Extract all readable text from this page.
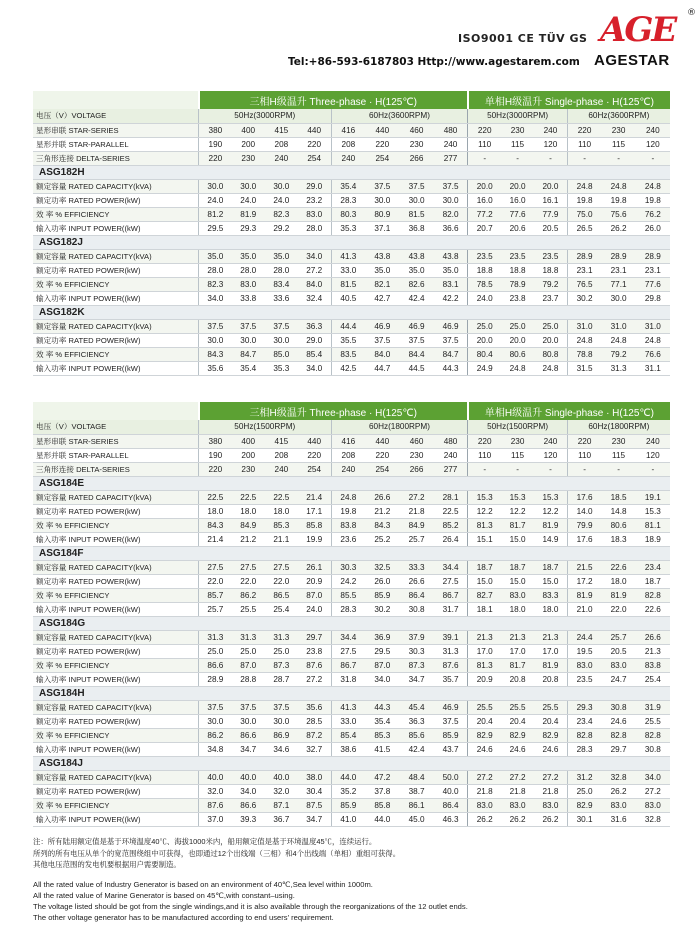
ISO9001 CE TÜV GS AGE
AGESTAR
®
Tel:+86-593-6187803 Http://www.agestarem.com
	三相H级温升 Three-phase · H(125℃)								单相H级温升 Single-phase · H(125℃)					
电压（V）VOLTAGE	50Hz(3000RPM)				60Hz(3600RPM)				50Hz(3000RPM)			60Hz(3600RPM)		
星形串联 STAR-SERIES	380	400	415	440	416	440	460	480	220	230	240	220	230	240
星形并联 STAR-PARALLEL	190	200	208	220	208	220	230	240	110	115	120	110	115	120
三角形连接 DELTA-SERIES	220	230	240	254	240	254	266	277	-	-	-	-	-	-
ASG182H														
额定容量 RATED CAPACITY(kVA)	30.0	30.0	30.0	29.0	35.4	37.5	37.5	37.5	20.0	20.0	20.0	24.8	24.8	24.8
额定功率 RATED POWER(kW)	24.0	24.0	24.0	23.2	28.3	30.0	30.0	30.0	16.0	16.0	16.1	19.8	19.8	19.8
效 率 % EFFICIENCY	81.2	81.9	82.3	83.0	80.3	80.9	81.5	82.0	77.2	77.6	77.9	75.0	75.6	76.2
输入功率 INPUT POWER((kW)	29.5	29.3	29.2	28.0	35.3	37.1	36.8	36.6	20.7	20.6	20.5	26.5	26.2	26.0
ASG182J														
额定容量 RATED CAPACITY(kVA)	35.0	35.0	35.0	34.0	41.3	43.8	43.8	43.8	23.5	23.5	23.5	28.9	28.9	28.9
额定功率 RATED POWER(kW)	28.0	28.0	28.0	27.2	33.0	35.0	35.0	35.0	18.8	18.8	18.8	23.1	23.1	23.1
效 率 % EFFICIENCY	82.3	83.0	83.4	84.0	81.5	82.1	82.6	83.1	78.5	78.9	79.2	76.5	77.1	77.6
输入功率 INPUT POWER((kW)	34.0	33.8	33.6	32.4	40.5	42.7	42.4	42.2	24.0	23.8	23.7	30.2	30.0	29.8
ASG182K														
额定容量 RATED CAPACITY(kVA)	37.5	37.5	37.5	36.3	44.4	46.9	46.9	46.9	25.0	25.0	25.0	31.0	31.0	31.0
额定功率 RATED POWER(kW)	30.0	30.0	30.0	29.0	35.5	37.5	37.5	37.5	20.0	20.0	20.0	24.8	24.8	24.8
效 率 % EFFICIENCY	84.3	84.7	85.0	85.4	83.5	84.0	84.4	84.7	80.4	80.6	80.8	78.8	79.2	76.6
输入功率 INPUT POWER((kW)	35.6	35.4	35.3	34.0	42.5	44.7	44.5	44.3	24.9	24.8	24.8	31.5	31.3	31.1
	三相H级温升 Three-phase · H(125℃)								单相H级温升 Single-phase · H(125℃)					
电压（V）VOLTAGE	50Hz(1500RPM)				60Hz(1800RPM)				50Hz(1500RPM)			60Hz(1800RPM)		
星形串联 STAR-SERIES	380	400	415	440	416	440	460	480	220	230	240	220	230	240
星形并联 STAR-PARALLEL	190	200	208	220	208	220	230	240	110	115	120	110	115	120
三角形连接 DELTA-SERIES	220	230	240	254	240	254	266	277	-	-	-	-	-	-
ASG184E														
额定容量 RATED CAPACITY(kVA)	22.5	22.5	22.5	21.4	24.8	26.6	27.2	28.1	15.3	15.3	15.3	17.6	18.5	19.1
额定功率 RATED POWER(kW)	18.0	18.0	18.0	17.1	19.8	21.2	21.8	22.5	12.2	12.2	12.2	14.0	14.8	15.3
效 率 % EFFICIENCY	84.3	84.9	85.3	85.8	83.8	84.3	84.9	85.2	81.3	81.7	81.9	79.9	80.6	81.1
输入功率 INPUT POWER((kW)	21.4	21.2	21.1	19.9	23.6	25.2	25.7	26.4	15.1	15.0	14.9	17.6	18.3	18.9
ASG184F														
额定容量 RATED CAPACITY(kVA)	27.5	27.5	27.5	26.1	30.3	32.5	33.3	34.4	18.7	18.7	18.7	21.5	22.6	23.4
额定功率 RATED POWER(kW)	22.0	22.0	22.0	20.9	24.2	26.0	26.6	27.5	15.0	15.0	15.0	17.2	18.0	18.7
效 率 % EFFICIENCY	85.7	86.2	86.5	87.0	85.5	85.9	86.4	86.7	82.7	83.0	83.3	81.9	81.9	82.8
输入功率 INPUT POWER((kW)	25.7	25.5	25.4	24.0	28.3	30.2	30.8	31.7	18.1	18.0	18.0	21.0	22.0	22.6
ASG184G														
额定容量 RATED CAPACITY(kVA)	31.3	31.3	31.3	29.7	34.4	36.9	37.9	39.1	21.3	21.3	21.3	24.4	25.7	26.6
额定功率 RATED POWER(kW)	25.0	25.0	25.0	23.8	27.5	29.5	30.3	31.3	17.0	17.0	17.0	19.5	20.5	21.3
效 率 % EFFICIENCY	86.6	87.0	87.3	87.6	86.7	87.0	87.3	87.6	81.3	81.7	81.9	83.0	83.0	83.8
输入功率 INPUT POWER((kW)	28.9	28.8	28.7	27.2	31.8	34.0	34.7	35.7	20.9	20.8	20.8	23.5	24.7	25.4
ASG184H														
额定容量 RATED CAPACITY(kVA)	37.5	37.5	37.5	35.6	41.3	44.3	45.4	46.9	25.5	25.5	25.5	29.3	30.8	31.9
额定功率 RATED POWER(kW)	30.0	30.0	30.0	28.5	33.0	35.4	36.3	37.5	20.4	20.4	20.4	23.4	24.6	25.5
效 率 % EFFICIENCY	86.2	86.6	86.9	87.2	85.4	85.3	85.6	85.9	82.9	82.9	82.9	82.8	82.8	82.8
输入功率 INPUT POWER((kW)	34.8	34.7	34.6	32.7	38.6	41.5	42.4	43.7	24.6	24.6	24.6	28.3	29.7	30.8
ASG184J														
额定容量 RATED CAPACITY(kVA)	40.0	40.0	40.0	38.0	44.0	47.2	48.4	50.0	27.2	27.2	27.2	31.2	32.8	34.0
额定功率 RATED POWER(kW)	32.0	34.0	32.0	30.4	35.2	37.8	38.7	40.0	21.8	21.8	21.8	25.0	26.2	27.2
效 率 % EFFICIENCY	87.6	86.6	87.1	87.5	85.9	85.8	86.1	86.4	83.0	83.0	83.0	82.9	83.0	83.0
输入功率 INPUT POWER((kW)	37.0	39.3	36.7	34.7	41.0	44.0	45.0	46.3	26.2	26.2	26.2	30.1	31.6	32.8

注：所有陆用额定值是基于环境温度40℃、海拔1000米内，船用额定值是基于环境温度45℃，连续运行。

所列的所有电压从单个的宽范围绕组中可获得，也即通过12个出线端（三相）和4个出线端（单相）重组可获得。

其他电压范围的发电机要根据用户需要制造。

All the rated value of Industry Generator is based on an environment of 40℃,Sea level within 1000m.

All the rated value of Marine Generator is based on 45℃,with constant–using.

The voltage listed should be got from the single windings,and it is also available through the reorganizations of the 12 outlet ends.

The other voltage generator has to be manufactured according to end users’ requirement.
